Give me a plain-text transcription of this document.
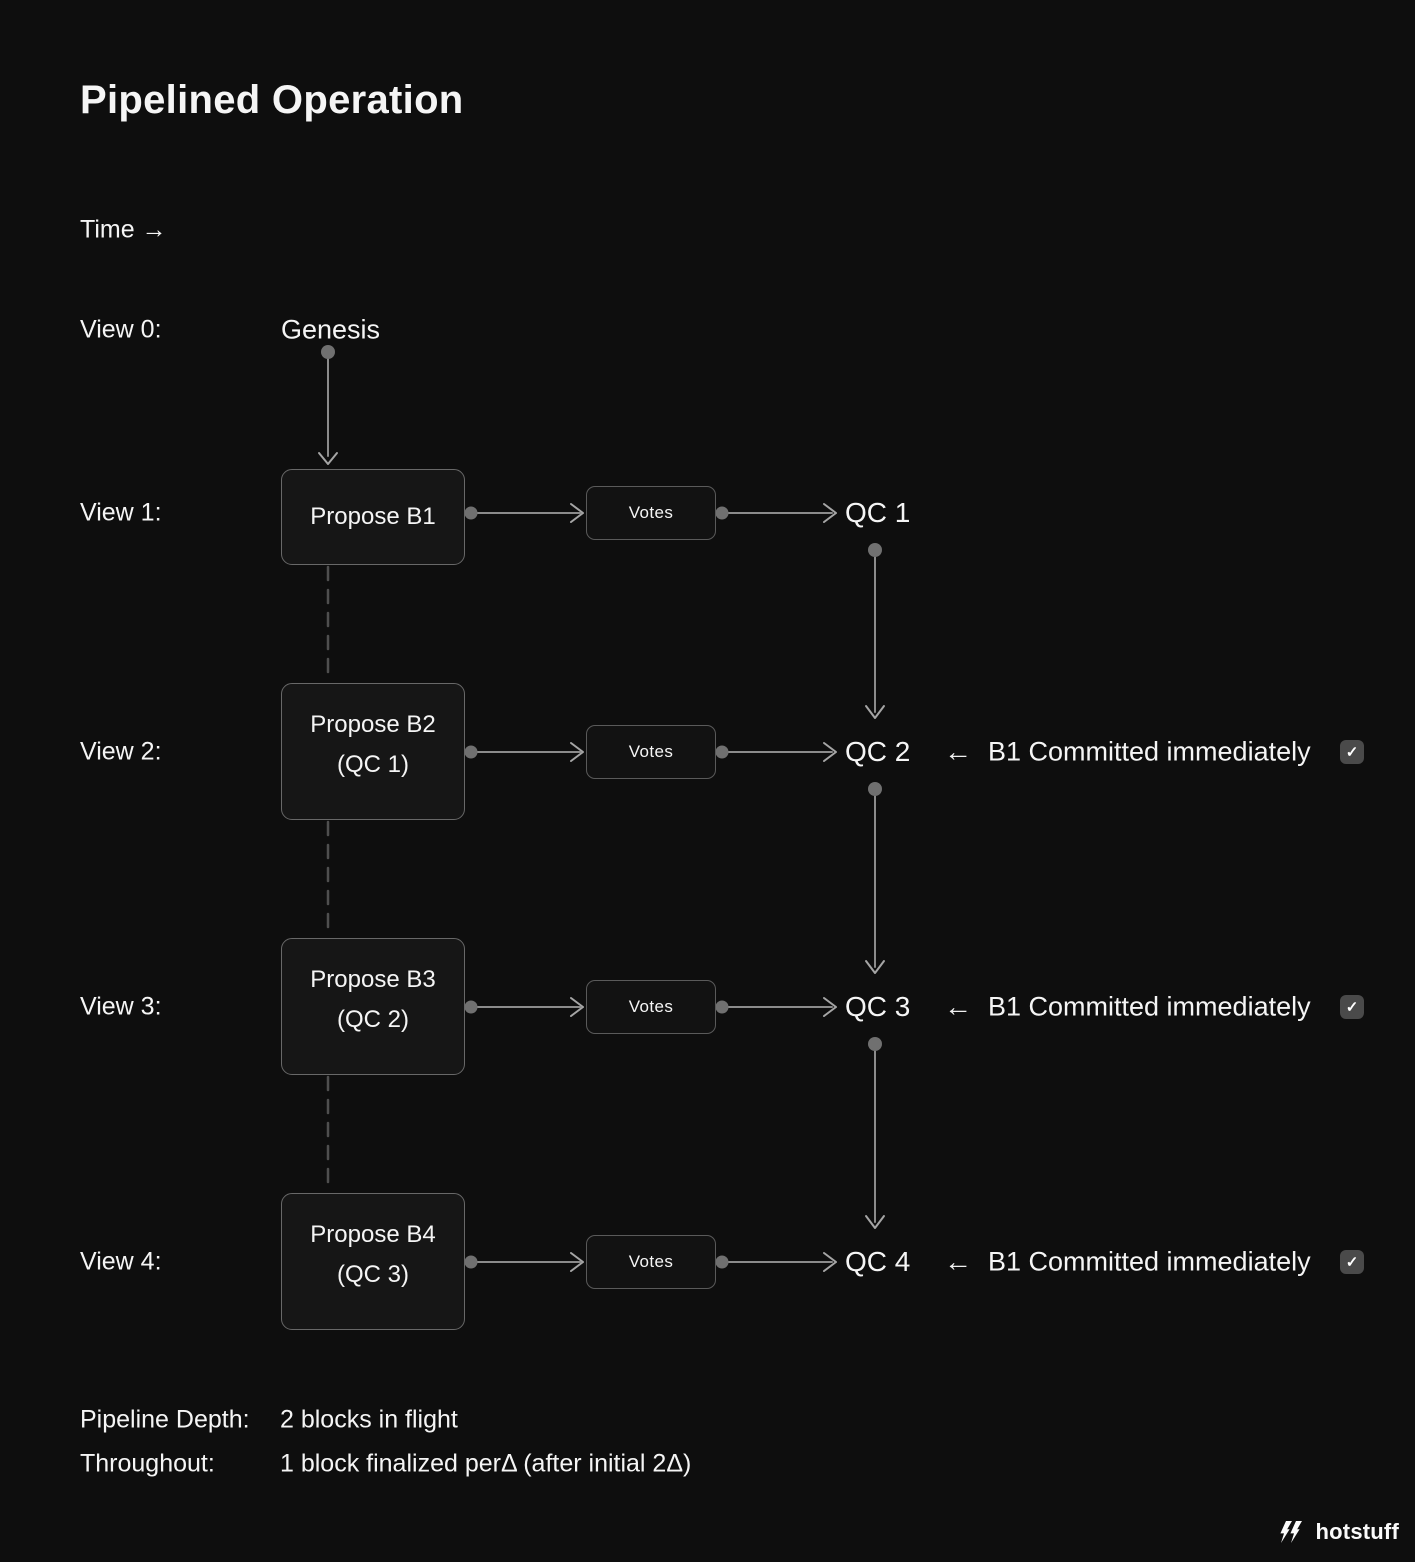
Pipelined Operation
Time →
View 0:
View 1:
View 2:
View 3:
View 4:
Genesis
Propose B1
Propose B2
(QC 1)
Propose B3
(QC 2)
Propose B4
(QC 3)
Votes
Votes
Votes
Votes
QC 1
QC 2
QC 3
QC 4
← B1 Committed immediately ✓
← B1 Committed immediately ✓
← B1 Committed immediately ✓
Pipeline Depth: 2 blocks in flight
Throughout:	1 block finalized perΔ (after initial 2Δ)
hotstuff
